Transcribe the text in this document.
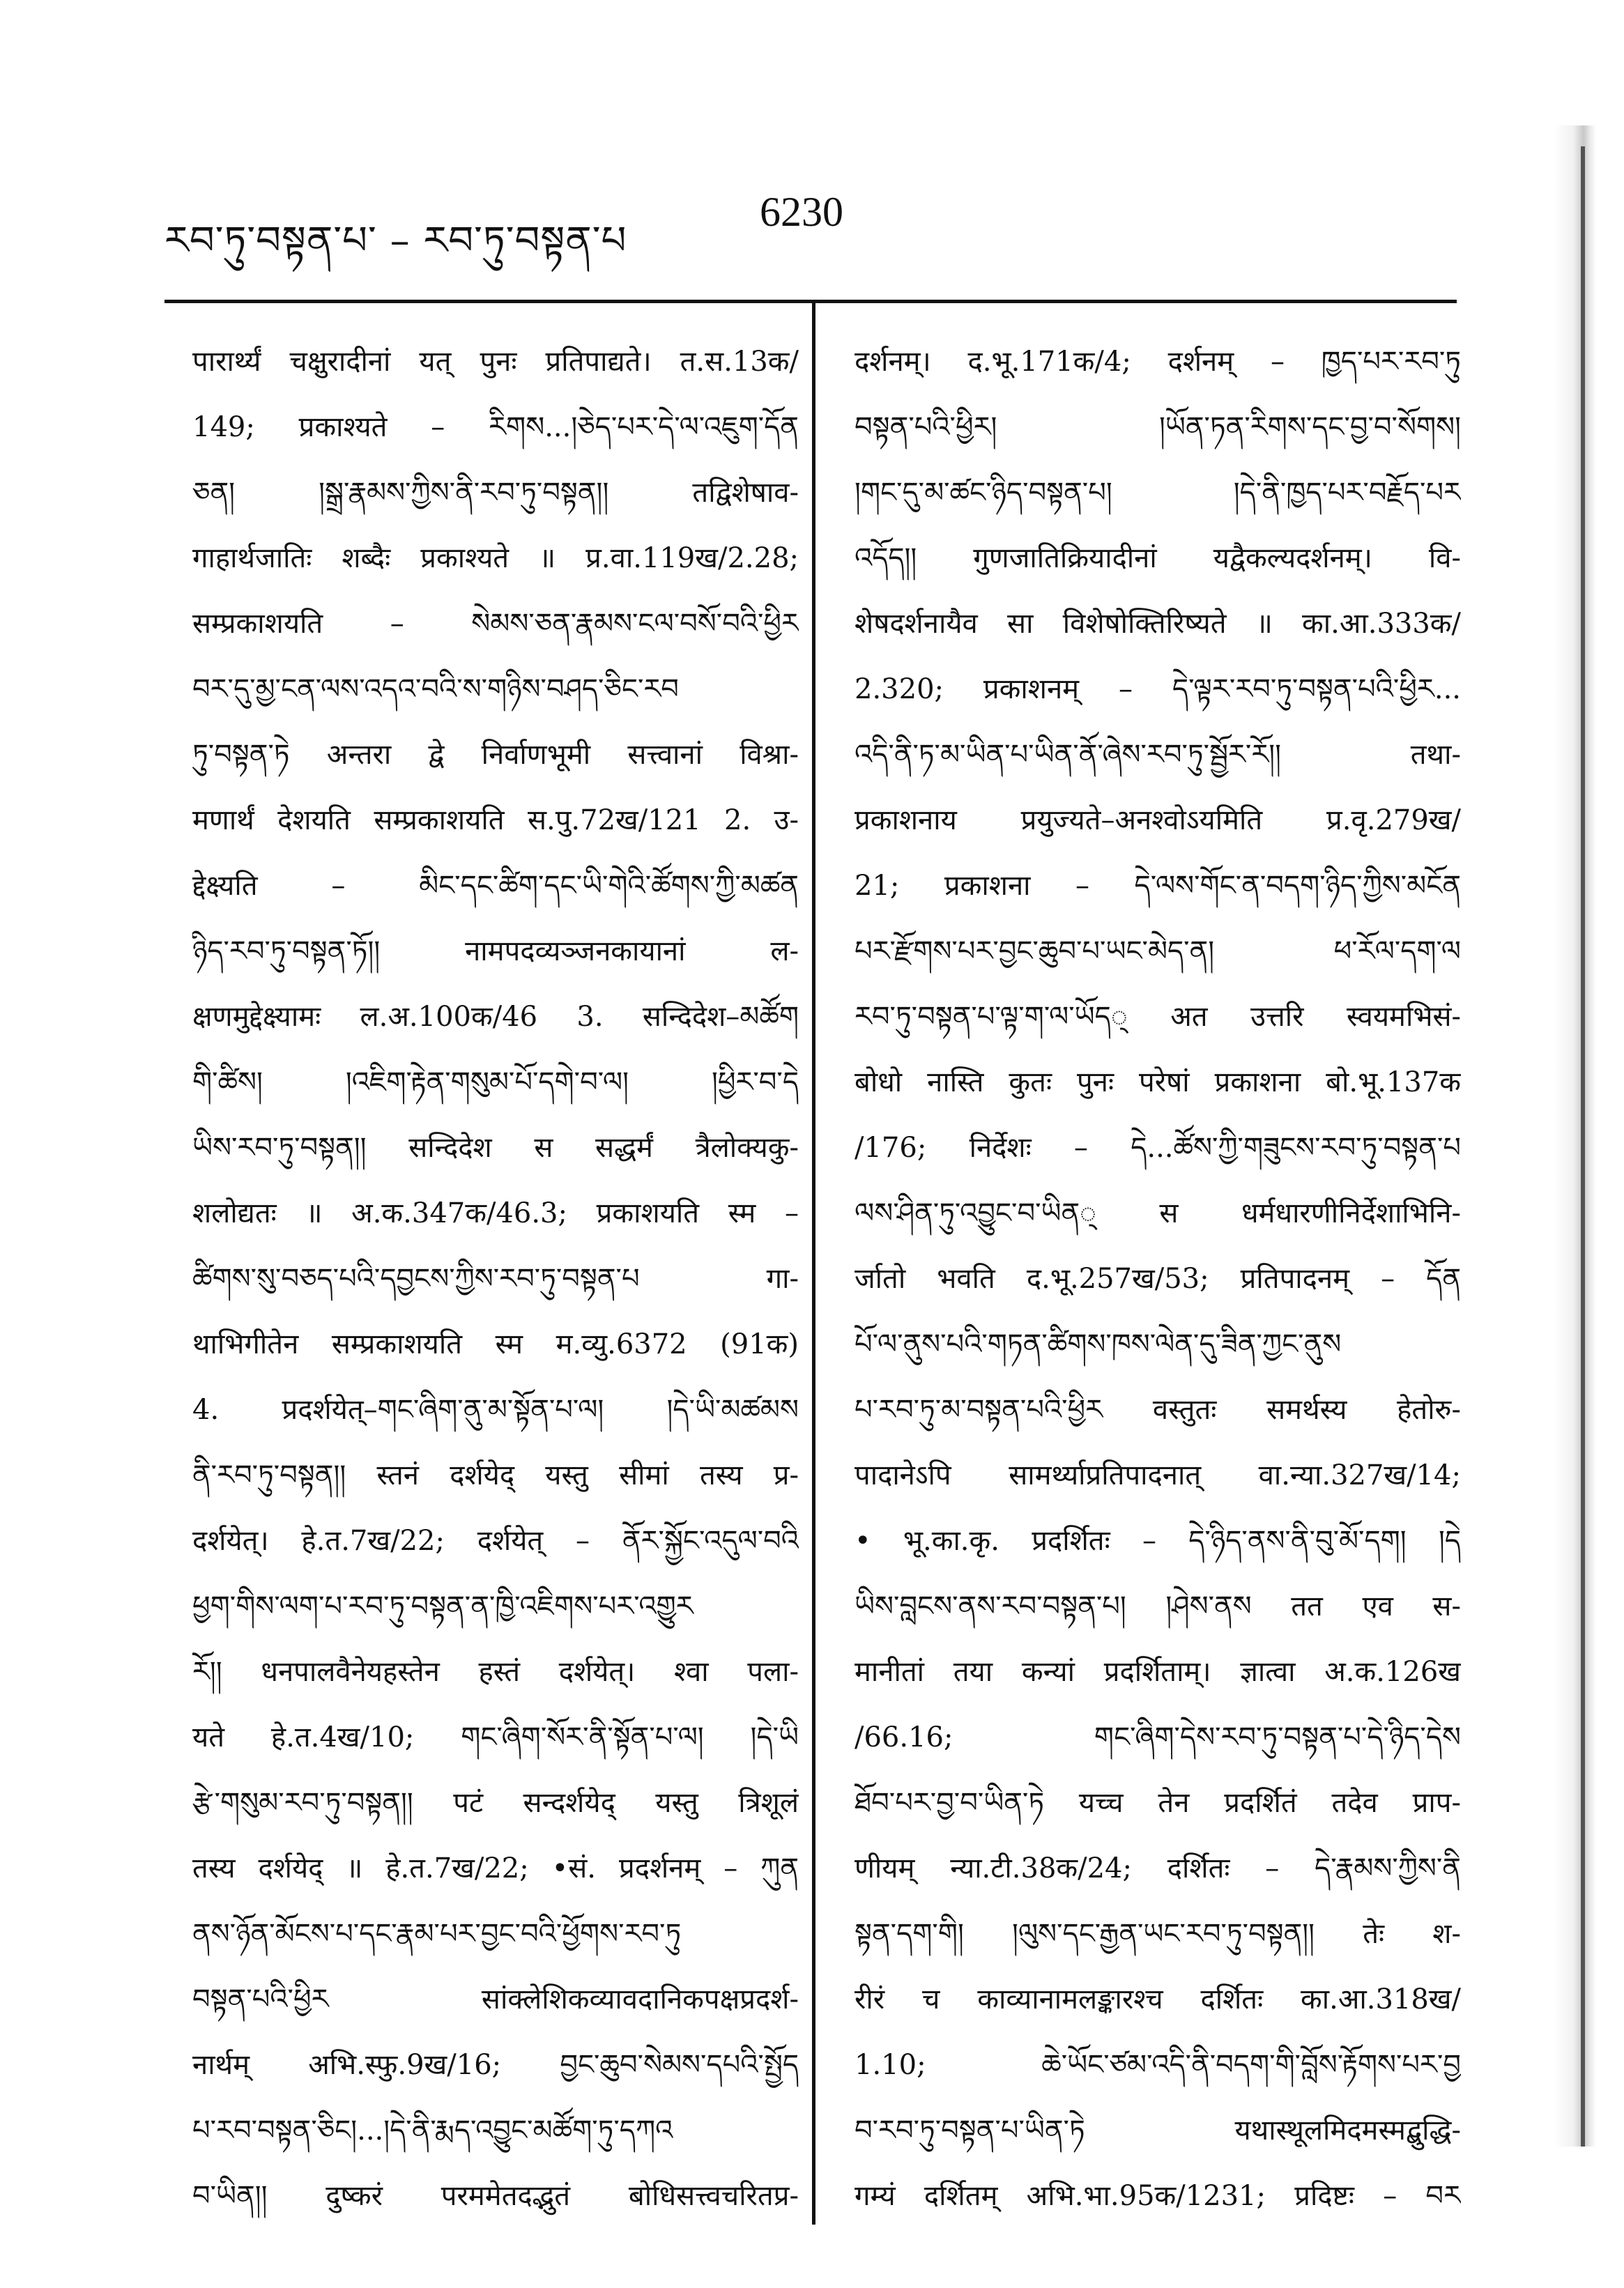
རབ་ཏུ་བསྟན་པ་ – རབ་ཏུ་བསྟན་པ
6230
पारार्थ्यं चक्षुरादीनां यत् पुनः प्रतिपाद्यते। त.स.13क/
149; प्रकाश्यते – རིགས...།ཅེད་པར་དེ་ལ་འཇུག་དོན
ཅན། །སྒྲ་རྣམས་ཀྱིས་ནི་རབ་ཏུ་བསྟན།། तद्विशेषाव-
गाहार्थजातिः शब्दैः प्रकाश्यते ॥ प्र.वा.119ख/2.28;
सम्प्रकाशयति – སེམས་ཅན་རྣམས་ངལ་བསོ་བའི་ཕྱིར
བར་དུ་མྱ་ངན་ལས་འདའ་བའི་ས་གཉིས་བཤད་ཅིང་རབ
ཏུ་བསྟན་ཏེ अन्तरा द्वे निर्वाणभूमी सत्त्वानां विश्रा-
मणार्थं देशयति सम्प्रकाशयति स.पु.72ख/121 2. उ-
द्देक्ष्यति – མིང་དང་ཚིག་དང་ཡི་གེའི་ཚོགས་ཀྱི་མཚན
ཉིད་རབ་ཏུ་བསྟན་ཏོ།། नामपदव्यञ्जनकायानां ल-
क्षणमुद्देक्ष्यामः ल.अ.100क/46 3. सन्दिदेश–མཚོག
གི་ཚིས། །འཇིག་རྟེན་གསུམ་པོ་དགེ་བ་ལ། །ཕྱིར་བ་དེ
ཡིས་རབ་ཏུ་བསྟན།། सन्दिदेश स सद्धर्मं त्रैलोक्यकु-
शलोद्यतः ॥ अ.क.347क/46.3; प्रकाशयति स्म –
ཚིགས་སུ་བཅད་པའི་དབྱངས་ཀྱིས་རབ་ཏུ་བསྟན་པ गा-
थाभिगीतेन सम्प्रकाशयति स्म म.व्यु.6372 (91क)
4. प्रदर्शयेत्–གང་ཞིག་ནུ་མ་སྟོན་པ་ལ། །དེ་ཡི་མཚམས
ནི་རབ་ཏུ་བསྟན།། स्तनं दर्शयेद् यस्तु सीमां तस्य प्र-
दर्शयेत्। हे.त.7ख/22; दर्शयेत् – ནོར་སྐྱོང་འདུལ་བའི
ཕྱག་གིས་ལག་པ་རབ་ཏུ་བསྟན་ན་ཁྱི་འཇིགས་པར་འགྱུར
རོ།། धनपालवैनेयहस्तेन हस्तं दर्शयेत्। श्वा पला-
यते हे.त.4ख/10; གང་ཞིག་སོར་ནི་སྟོན་པ་ལ། །དེ་ཡི
རྩེ་གསུམ་རབ་ཏུ་བསྟན།། पटं सन्दर्शयेद् यस्तु त्रिशूलं
तस्य दर्शयेद् ॥ हे.त.7ख/22; •सं. प्रदर्शनम् – ཀུན
ནས་ཉོན་མོངས་པ་དང་རྣམ་པར་བྱང་བའི་ཕྱོགས་རབ་ཏུ
བསྟན་པའི་ཕྱིར सांक्लेशिकव्यावदानिकपक्षप्रदर्श-
नार्थम् अभि.स्फु.9ख/16; བྱང་ཆུབ་སེམས་དཔའི་སྤྱོད
པ་རབ་བསྟན་ཅིང།...།དེ་ནི་རྨད་འབྱུང་མཚོག་ཏུ་དཀའ
བ་ཡིན།། दुष्करं परममेतदद्भुतं बोधिसत्त्वचरितप्र-
दर्शनम्। द.भू.171क/4; दर्शनम् – ཁྱད་པར་རབ་ཏུ
བསྟན་པའི་ཕྱིར། །ཡོན་ཏན་རིགས་དང་བྱ་བ་སོགས།
།གང་དུ་མ་ཚང་ཉིད་བསྟན་པ། །དེ་ནི་ཁྱད་པར་བརྗོད་པར
འདོད།། गुणजातिक्रियादीनां यद्वैकल्यदर्शनम्। वि-
शेषदर्शनायैव सा विशेषोक्तिरिष्यते ॥ का.आ.333क/
2.320; प्रकाशनम् – དེ་ལྟར་རབ་ཏུ་བསྟན་པའི་ཕྱིར...
འདི་ནི་ཏ་མ་ཡིན་པ་ཡིན་ནོ་ཞེས་རབ་ཏུ་སྦྱོར་རོ།། तथा-
प्रकाशनाय प्रयुज्यते–अनश्वोऽयमिति प्र.वृ.279ख/
21; प्रकाशना – དེ་ལས་གོང་ན་བདག་ཉིད་ཀྱིས་མངོན
པར་རྫོགས་པར་བྱང་ཆུབ་པ་ཡང་མེད་ན། ཕ་རོལ་དག་ལ
རབ་ཏུ་བསྟན་པ་ལྟ་ག་ལ་ཡོད् अत उत्तरि स्वयमभिसं-
बोधो नास्ति कुतः पुनः परेषां प्रकाशना बो.भू.137क
/176; निर्देशः – དེ...ཚོས་ཀྱི་གཟུངས་རབ་ཏུ་བསྟན་པ
ལས་ཤིན་ཏུ་འབྱུང་བ་ཡིན् स धर्मधारणीनिर्देशाभिनि-
र्जातो भवति द.भू.257ख/53; प्रतिपादनम् – དོན
པོ་ལ་ནུས་པའི་གཏན་ཚིགས་ཁས་ལེན་དུ་ཟིན་ཀྱང་ནུས
པ་རབ་ཏུ་མ་བསྟན་པའི་ཕྱིར वस्तुतः समर्थस्य हेतोरु-
पादानेऽपि सामर्थ्याप्रतिपादनात् वा.न्या.327ख/14;
• भू.का.कृ. प्रदर्शितः – དེ་ཉིད་ནས་ནི་བུ་མོ་དག། །དེ
ཡིས་བླངས་ནས་རབ་བསྟན་པ། །ཤེས་ནས तत एव स-
मानीतां तया कन्यां प्रदर्शिताम्। ज्ञात्वा अ.क.126ख
/66.16; གང་ཞིག་དེས་རབ་ཏུ་བསྟན་པ་དེ་ཉིད་དེས
ཐོབ་པར་བྱ་བ་ཡིན་ཏེ यच्च तेन प्रदर्शितं तदेव प्राप-
णीयम् न्या.टी.38क/24; दर्शितः – དེ་རྣམས་ཀྱིས་ནི
སྟན་དག་གི། །ལུས་དང་རྒྱན་ཡང་རབ་ཏུ་བསྟན།། तेः श-
रीरं च काव्यानामलङ्कारश्च दर्शितः का.आ.318ख/
1.10; ཆེ་ཡོང་ཙམ་འདི་ནི་བདག་གི་བློས་རྟོགས་པར་བྱ
བ་རབ་ཏུ་བསྟན་པ་ཡིན་ཏེ यथास्थूलमिदमस्मद्बुद्धि-
गम्यं दर्शितम् अभि.भा.95क/1231; प्रदिष्टः – བར
